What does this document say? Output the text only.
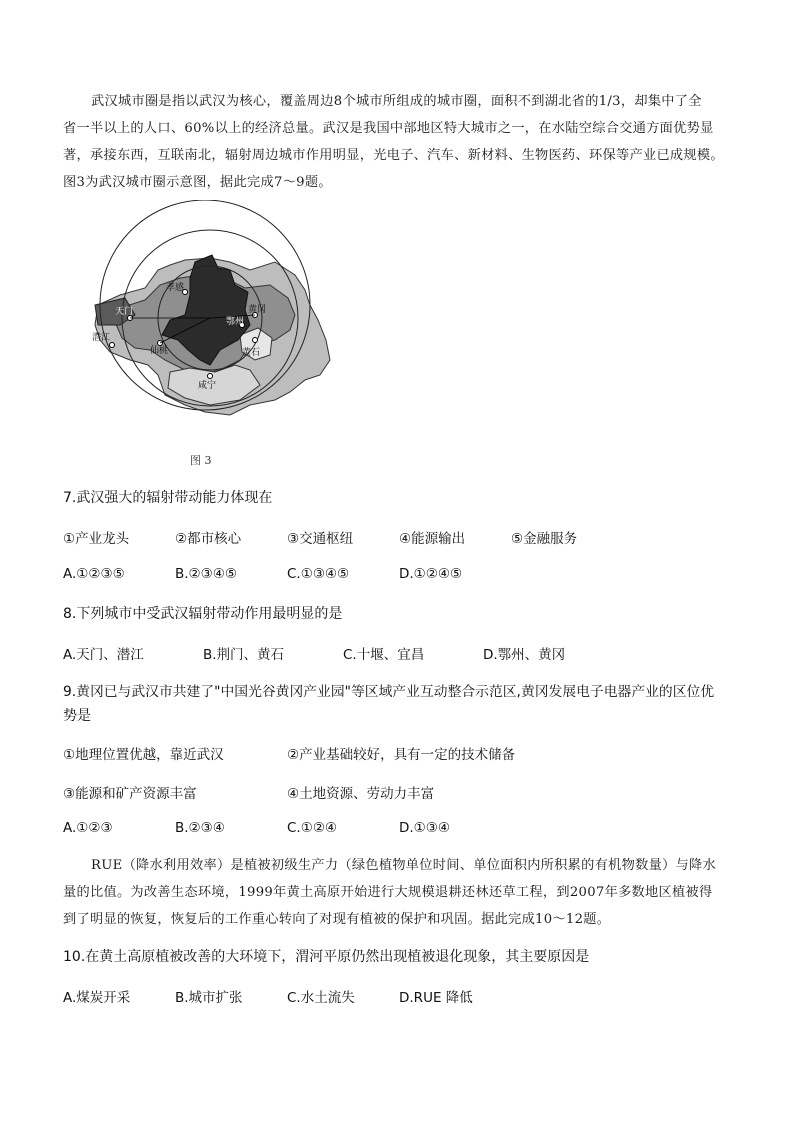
武汉城市圈是指以武汉为核心，覆盖周边8个城市所组成的城市圈，面积不到湖北省的1/3，却集中了全

省一半以上的人口、60%以上的经济总量。武汉是我国中部地区特大城市之一，在水陆空综合交通方面优势显

著，承接东西，互联南北，辐射周边城市作用明显，光电子、汽车、新材料、生物医药、环保等产业已成规模。

图3为武汉城市圈示意图，据此完成7～9题。

孝感
天门
潜江
仙桃
鄂州
黄冈
黄石
咸宁
图 3
7.武汉强大的辐射带动能力体现在
①产业龙头	②都市核心	③交通枢纽	④能源输出	⑤金融服务
A.①②③⑤	B.②③④⑤	C.①③④⑤	D.①②④⑤
8.下列城市中受武汉辐射带动作用最明显的是
A.天门、潜江	B.荆门、黄石	C.十堰、宜昌	D.鄂州、黄冈
9.黄冈已与武汉市共建了"中国光谷黄冈产业园"等区域产业互动整合示范区,黄冈发展电子电器产业的区位优
势是
①地理位置优越，靠近武汉	②产业基础较好，具有一定的技术储备
③能源和矿产资源丰富	④土地资源、劳动力丰富
A.①②③	B.②③④	C.①②④	D.①③④

RUE（降水利用效率）是植被初级生产力（绿色植物单位时间、单位面积内所积累的有机物数量）与降水

量的比值。为改善生态环境，1999年黄土高原开始进行大规模退耕还林还草工程，到2007年多数地区植被得

到了明显的恢复，恢复后的工作重心转向了对现有植被的保护和巩固。据此完成10～12题。

10.在黄土高原植被改善的大环境下，渭河平原仍然出现植被退化现象，其主要原因是
A.煤炭开采	B.城市扩张	C.水土流失	D.RUE 降低
